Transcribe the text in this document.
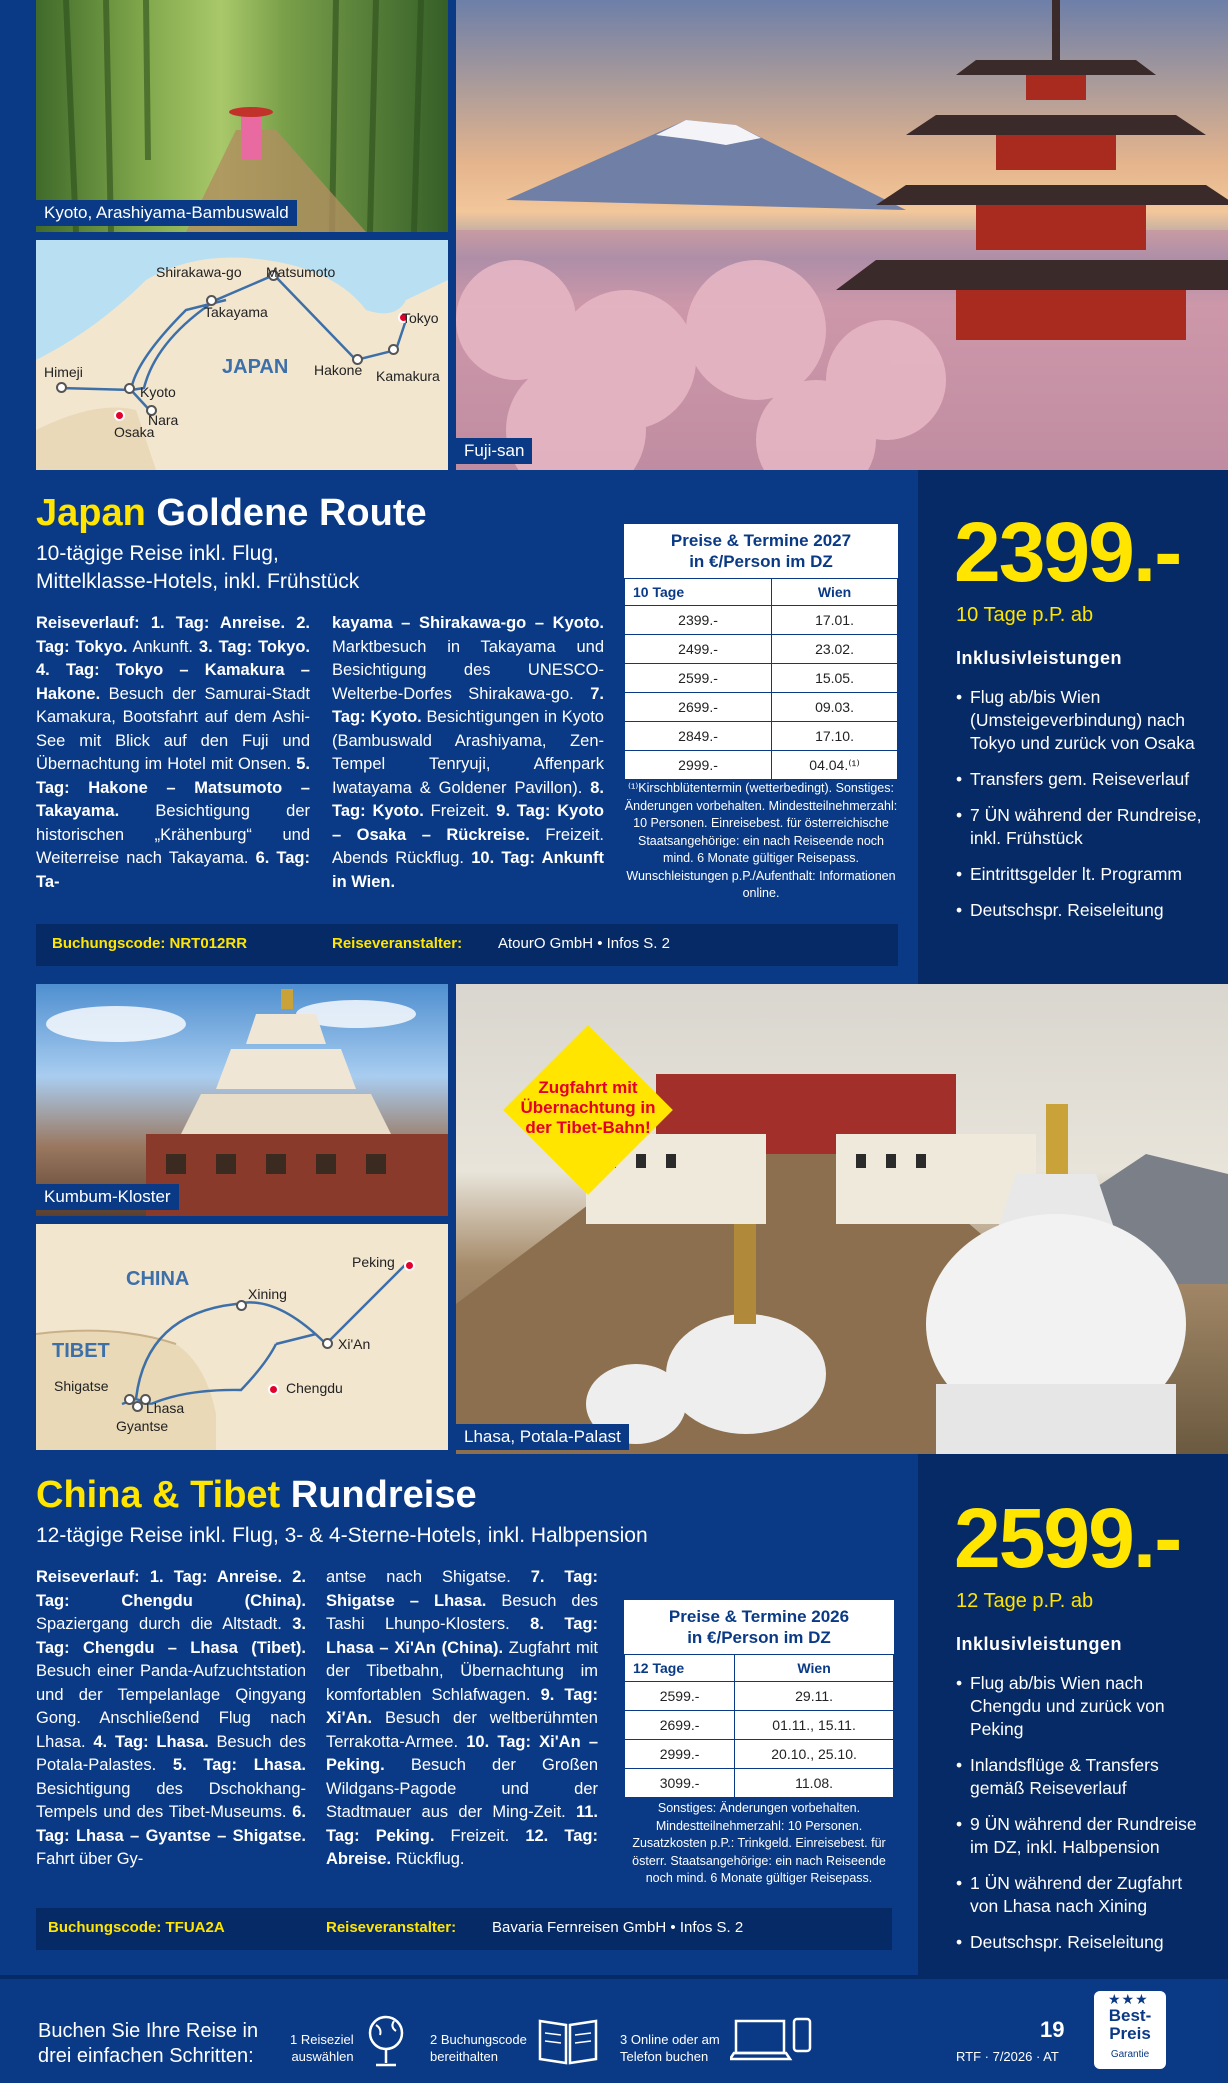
Kyoto, Arashiyama-Bambuswald
Fuji-san
JAPAN
Shirakawa-go Matsumoto
Takayama	Tokyo
Hakone Kamakura
Himeji
Kyoto
Nara
Osaka
Japan Goldene Route
10-tägige Reise inkl. Flug,
Mittelklasse-Hotels, inkl. Frühstück
Reiseverlauf: 1. Tag: Anreise. 2. Tag: Tokyo. Ankunft. 3. Tag: Tokyo. 4. Tag: Tokyo – Kamakura – Hakone. Besuch der Samurai-Stadt Kamakura, Bootsfahrt auf dem Ashi-See mit Blick auf den Fuji und Übernachtung im Hotel mit Onsen. 5. Tag: Hakone – Matsumoto – Takayama. Besichtigung der historischen „Krähenburg“ und Weiterreise nach Takayama. 6. Tag: Ta-
kayama – Shirakawa-go – Kyoto. Marktbesuch in Takayama und Besichtigung des UNESCO-Welterbe-Dorfes Shirakawa-go. 7. Tag: Kyoto. Besichtigungen in Kyoto (Bambuswald Arashiyama, Zen-Tempel Tenryuji, Affenpark Iwatayama & Goldener Pavillon). 8. Tag: Kyoto. Freizeit. 9. Tag: Kyoto – Osaka – Rückreise. Freizeit. Abends Rückflug. 10. Tag: Ankunft in Wien.
Preise & Termine 2027
in €/Person im DZ
10 Tage	Wien
2399.-	17.01.
2499.-	23.02.
2599.-	15.05.
2699.-	09.03.
2849.-	17.10.
2999.-	04.04.⁽¹⁾
⁽¹⁾Kirschblütentermin (wetterbedingt). Sonstiges: Änderungen vorbehalten. Mindestteilnehmerzahl: 10 Personen. Einreisebest. für österreichische Staatsangehörige: ein nach Reiseende noch mind. 6 Monate gültiger Reisepass. Wunschleistungen p.P./Aufenthalt: Informationen online.
Buchungscode: NRT012RR	Reiseveranstalter: AtourO GmbH • Infos S. 2
2399.-
10 Tage p.P. ab
Inklusivleistungen
• Flug ab/bis Wien (Umsteigeverbindung) nach Tokyo und zurück von Osaka
• Transfers gem. Reiseverlauf
• 7 ÜN während der Rundreise, inkl. Frühstück
• Eintrittsgelder lt. Programm
• Deutschspr. Reiseleitung
Kumbum-Kloster
Lhasa, Potala-Palast
Zugfahrt mit Übernachtung in der Tibet-Bahn!
CHINA
TIBET
Peking
Xining
Xi'An
Shigatse
Lhasa
Gyantse
Chengdu
China & Tibet Rundreise
12-tägige Reise inkl. Flug, 3- & 4-Sterne-Hotels, inkl. Halbpension
Reiseverlauf: 1. Tag: Anreise. 2. Tag: Chengdu (China). Spaziergang durch die Altstadt. 3. Tag: Chengdu – Lhasa (Tibet). Besuch einer Panda-Aufzuchtstation und der Tempelanlage Qingyang Gong. Anschließend Flug nach Lhasa. 4. Tag: Lhasa. Besuch des Potala-Palastes. 5. Tag: Lhasa. Besichtigung des Dschokhang-Tempels und des Tibet-Museums. 6. Tag: Lhasa – Gyantse – Shigatse. Fahrt über Gy-
antse nach Shigatse. 7. Tag: Shigatse – Lhasa. Besuch des Tashi Lhunpo-Klosters. 8. Tag: Lhasa – Xi'An (China). Zugfahrt mit der Tibetbahn, Übernachtung im komfortablen Schlafwagen. 9. Tag: Xi'An. Besuch der weltberühmten Terrakotta-Armee. 10. Tag: Xi'An – Peking. Besuch der Großen Wildgans-Pagode und der Stadtmauer aus der Ming-Zeit. 11. Tag: Peking. Freizeit. 12. Tag: Abreise. Rückflug.
Preise & Termine 2026
in €/Person im DZ
12 Tage	Wien
2599.-	29.11.
2699.-	01.11., 15.11.
2999.-	20.10., 25.10.
3099.-	11.08.
Sonstiges: Änderungen vorbehalten. Mindestteilnehmerzahl: 10 Personen. Zusatzkosten p.P.: Trinkgeld. Einreisebest. für österr. Staatsangehörige: ein nach Reiseende noch mind. 6 Monate gültiger Reisepass.
Buchungscode: TFUA2A	Reiseveranstalter: Bavaria Fernreisen GmbH • Infos S. 2
2599.-
12 Tage p.P. ab
Inklusivleistungen
• Flug ab/bis Wien nach Chengdu und zurück von Peking
• Inlandsflüge & Transfers gemäß Reiseverlauf
• 9 ÜN während der Rundreise im DZ, inkl. Halbpension
• 1 ÜN während der Zugfahrt von Lhasa nach Xining
• Deutschspr. Reiseleitung
Buchen Sie Ihre Reise in
drei einfachen Schritten:
1 Reiseziel
auswählen
2 Buchungscode
bereithalten
3 Online oder am
Telefon buchen
19
RTF · 7/2026 · AT
★★★
Best-
Preis
Garantie
